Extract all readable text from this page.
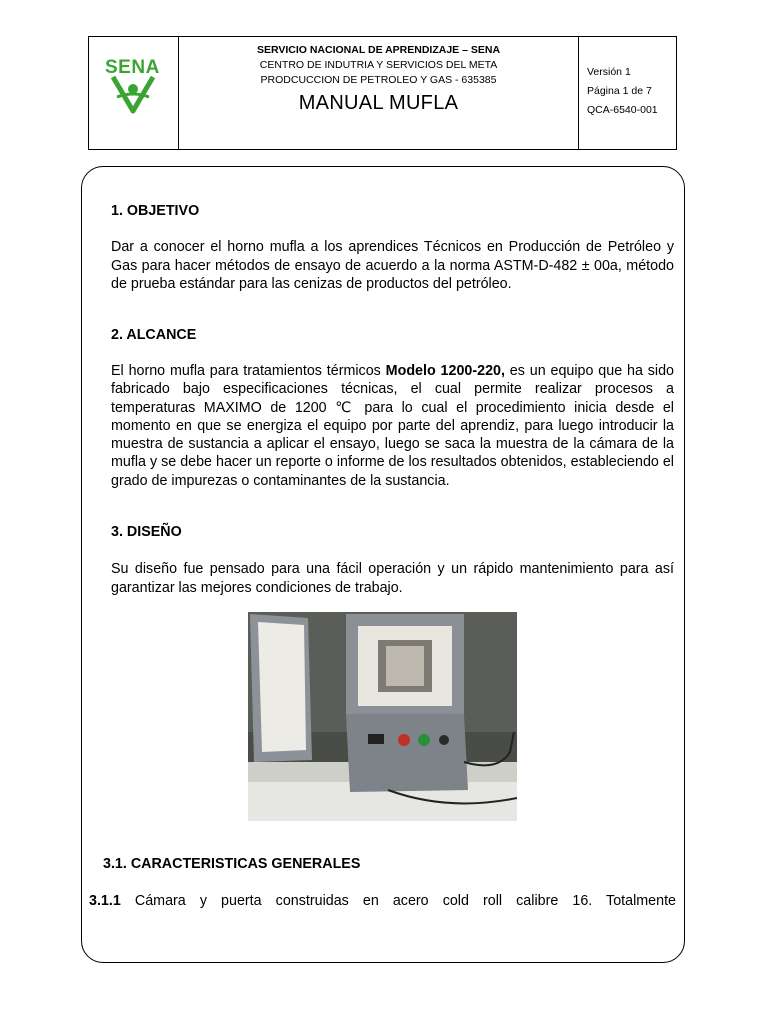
SENA
SERVICIO NACIONAL DE APRENDIZAJE – SENA
CENTRO DE INDUTRIA Y SERVICIOS DEL META
PRODCUCCION DE PETROLEO Y GAS - 635385
MANUAL MUFLA
Versión 1
Página 1 de 7
QCA-6540-001
1. OBJETIVO
Dar a conocer el horno mufla a los aprendices Técnicos en Producción de Petróleo y Gas para hacer métodos de ensayo de acuerdo a la norma ASTM-D-482 ± 00a, método de prueba estándar para las cenizas de productos del petróleo.
2. ALCANCE
El horno mufla para tratamientos térmicos Modelo 1200-220, es un equipo que ha sido fabricado bajo especificaciones técnicas, el cual permite realizar procesos a temperaturas MAXIMO de 1200 ℃ para lo cual el procedimiento inicia desde el momento en que se energiza el equipo por parte del aprendiz, para luego introducir la muestra de sustancia a aplicar el ensayo, luego se saca la muestra de la cámara de la mufla y se debe hacer un reporte o informe de los resultados obtenidos, estableciendo el grado de impurezas o contaminantes de la sustancia.
3. DISEÑO
Su diseño fue pensado para una fácil operación y un rápido mantenimiento para así garantizar las mejores condiciones de trabajo.
3.1. CARACTERISTICAS GENERALES
3.1.1 Cámara y puerta construidas en acero cold roll calibre 16. Totalmente
